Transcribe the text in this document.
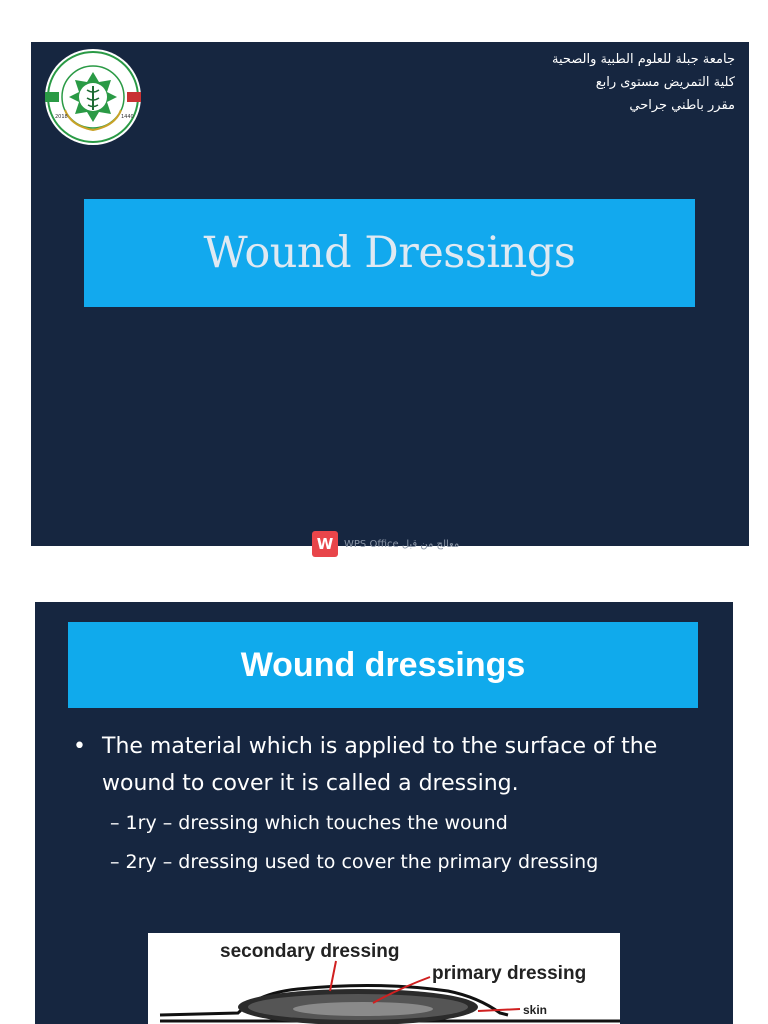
2018	1440
جامعة جبلة للعلوم الطبية والصحية
كلية التمريض مستوى رابع
مقرر باطني جراحي
Wound Dressings
W	WPS Office معالج من قبل
Wound dressings
• The material which is applied to the surface of the wound to cover it is called a dressing.
– 1ry – dressing which touches the wound
– 2ry – dressing used to cover the primary dressing
secondary dressing
primary dressing
skin
